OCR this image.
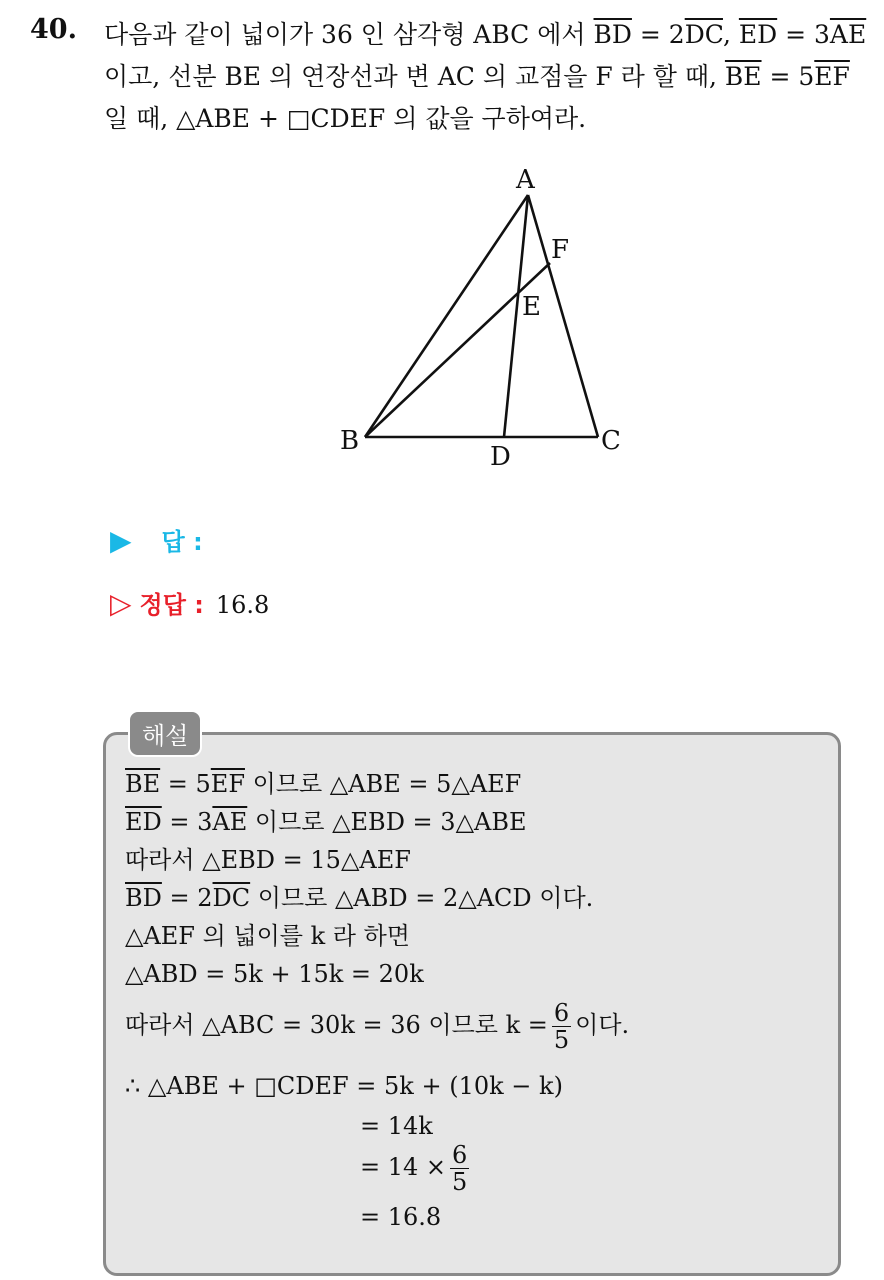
40. 다음과 같이 넓이가 36 인 삼각형 ABC 에서 $\overline{BD} = 2\overline{DC}$, $\overline{ED} = 3\overline{AE}$
이고, 선분 BE 의 연장선과 변 AC 의 교점을 F 라 할 때, $\overline{BE} = 5\overline{EF}$
일 때, △ABE + □CDEF 의 값을 구하여라.
A
F
E
B	C
D
▶ 답 :
▷ 정답 : 16.8
해설
$\overline{BE} = 5\overline{EF}$ 이므로 △ABE = 5△AEF
$\overline{ED} = 3\overline{AE}$ 이므로 △EBD = 3△ABE
따라서 △EBD = 15△AEF
$\overline{BD} = 2\overline{DC}$ 이므로 △ABD = 2△ACD 이다.
△AEF 의 넓이를 k 라 하면
△ABD = 5k + 15k = 20k
따라서 △ABC = 30k = 36 이므로 $k = \frac{6}{5}$ 이다.
∴ △ABE + □CDEF = 5k + (10k − k)
= 14k
= $14 \times \frac{6}{5}$
= 16.8
